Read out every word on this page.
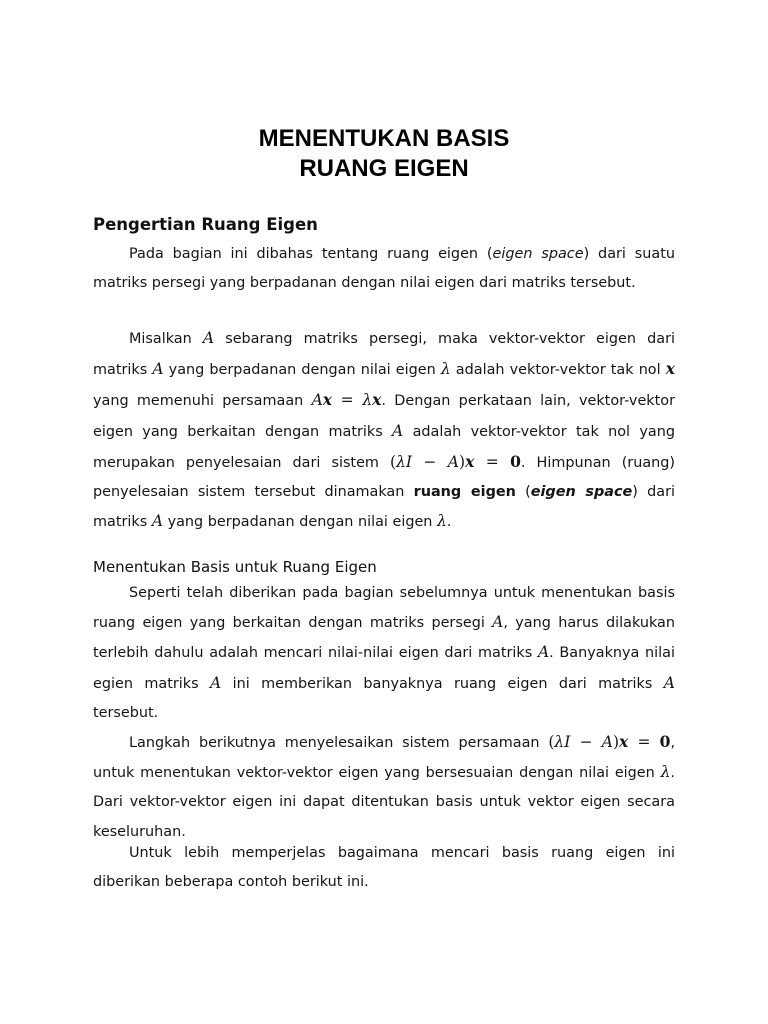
MENENTUKAN BASIS
RUANG EIGEN
Pengertian Ruang Eigen

Pada bagian ini dibahas tentang ruang eigen (eigen space) dari suatu matriks persegi yang berpadanan dengan nilai eigen dari matriks tersebut.

Misalkan A sebarang matriks persegi, maka vektor-vektor eigen dari matriks A yang berpadanan dengan nilai eigen λ adalah vektor-vektor tak nol x yang memenuhi persamaan Ax = λx. Dengan perkataan lain, vektor-vektor eigen yang berkaitan dengan matriks A adalah vektor-vektor tak nol yang merupakan penyelesaian dari sistem (λI − A)x = 0. Himpunan (ruang) penyelesaian sistem tersebut dinamakan ruang eigen (eigen space) dari matriks A yang berpadanan dengan nilai eigen λ.

Menentukan Basis untuk Ruang Eigen

Seperti telah diberikan pada bagian sebelumnya untuk menentukan basis ruang eigen yang berkaitan dengan matriks persegi A, yang harus dilakukan terlebih dahulu adalah mencari nilai-nilai eigen dari matriks A. Banyaknya nilai egien matriks A ini memberikan banyaknya ruang eigen dari matriks A tersebut.

Langkah berikutnya menyelesaikan sistem persamaan (λI − A)x = 0, untuk menentukan vektor-vektor eigen yang bersesuaian dengan nilai eigen λ. Dari vektor-vektor eigen ini dapat ditentukan basis untuk vektor eigen secara keseluruhan.

Untuk lebih memperjelas bagaimana mencari basis ruang eigen ini diberikan beberapa contoh berikut ini.
